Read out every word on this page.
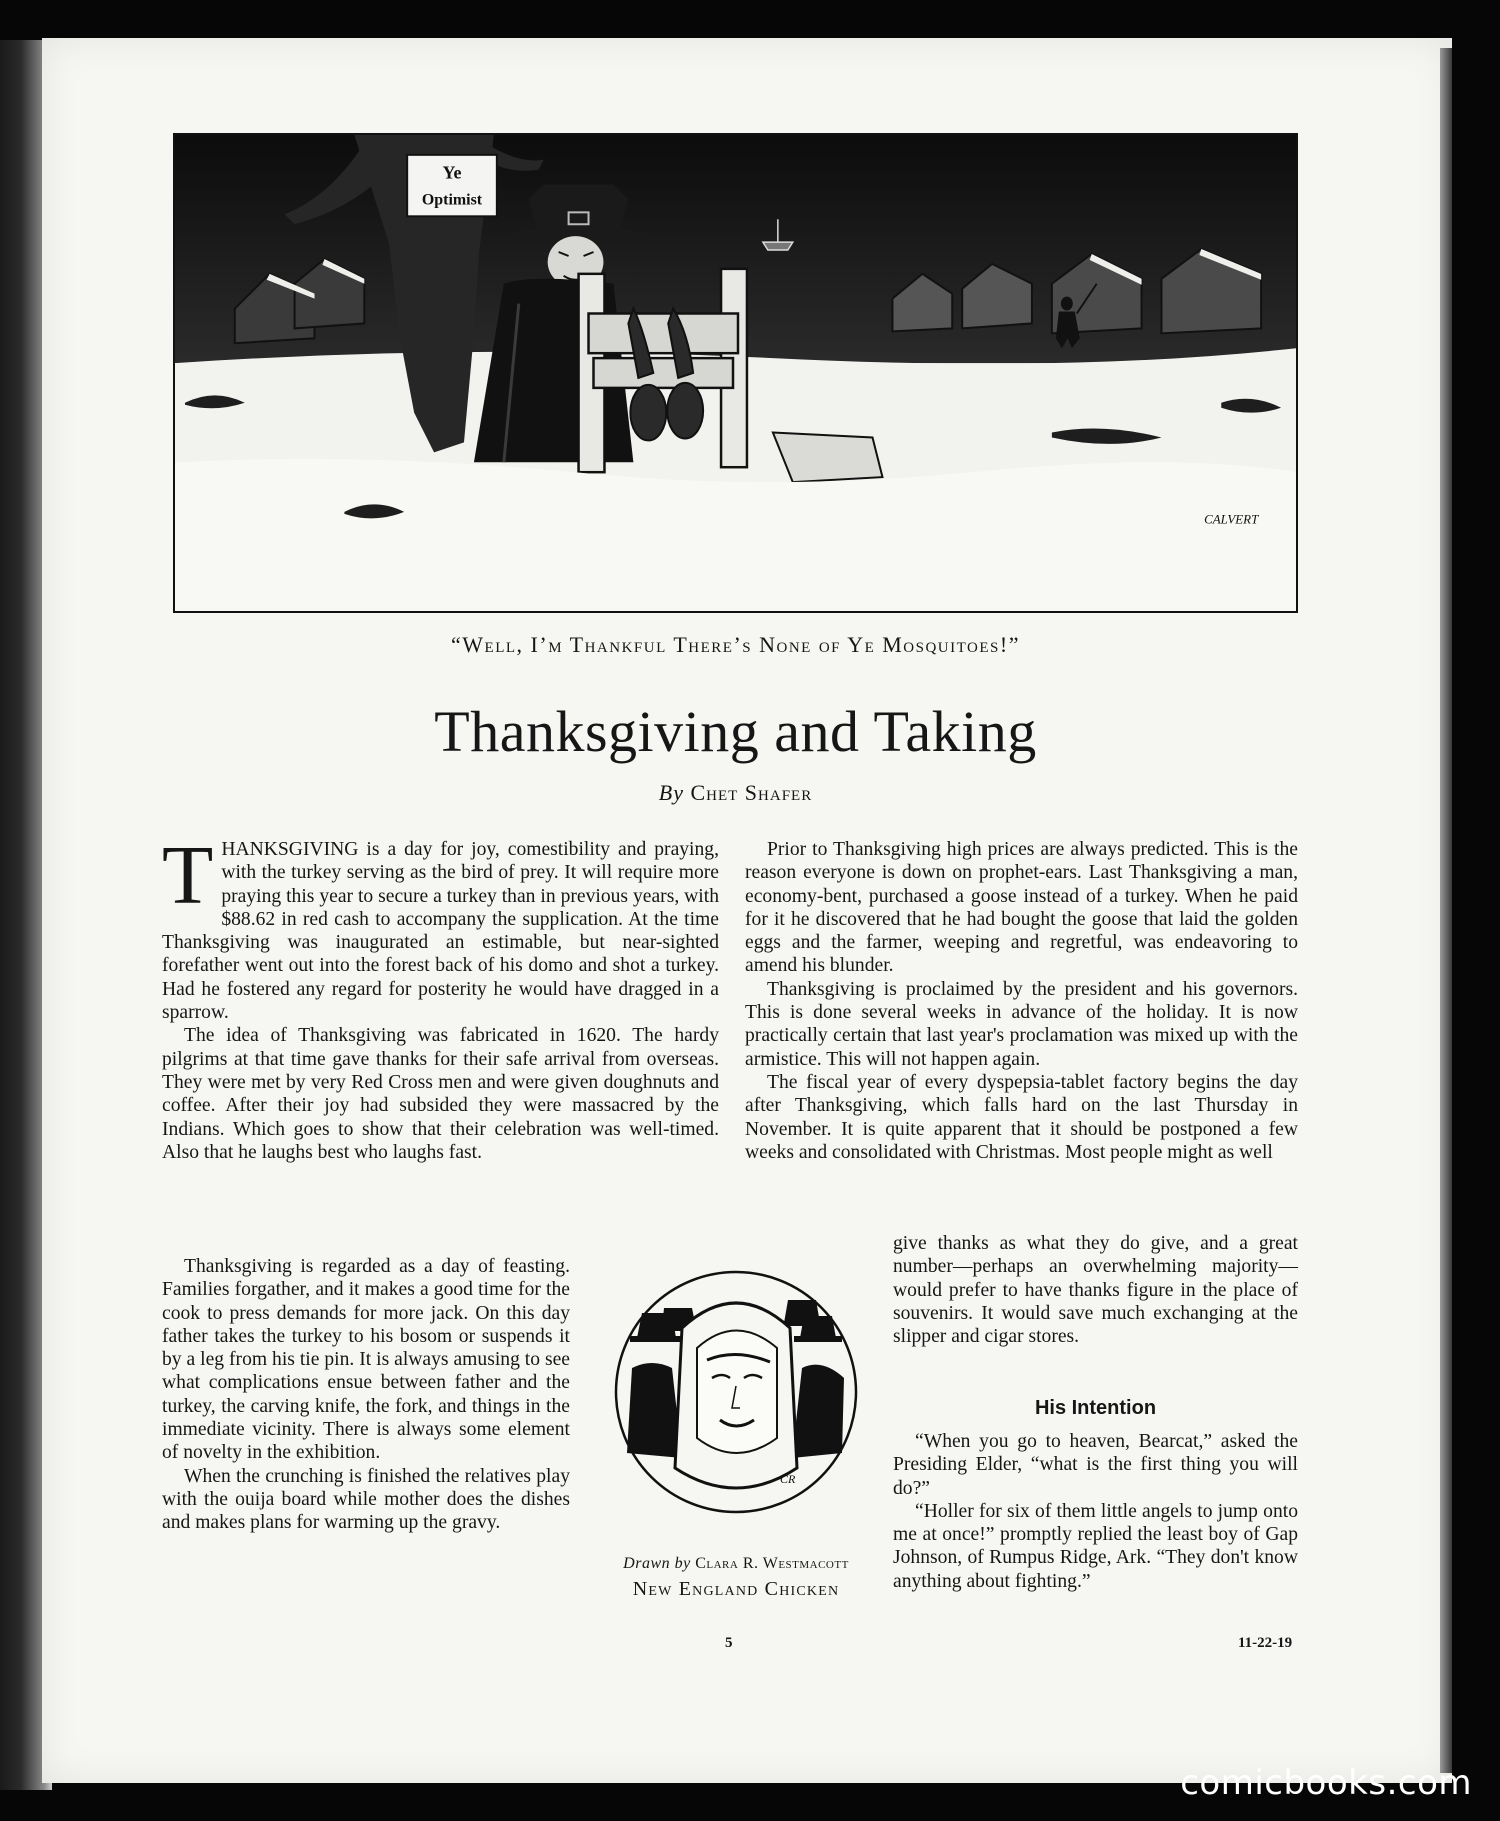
Ye
Optimist
CALVERT
“Well, I’m Thankful There’s None of Ye Mosquitoes!”
Thanksgiving and Taking
By Chet Shafer

THANKSGIVING is a day for joy, comestibility and praying, with the turkey serving as the bird of prey. It will require more praying this year to secure a turkey than in previous years, with $88.62 in red cash to accompany the supplication. At the time Thanksgiving was inaugurated an estimable, but near-sighted forefather went out into the forest back of his domo and shot a turkey. Had he fostered any regard for posterity he would have dragged in a sparrow.

The idea of Thanksgiving was fabricated in 1620. The hardy pilgrims at that time gave thanks for their safe arrival from overseas. They were met by very Red Cross men and were given doughnuts and coffee. After their joy had subsided they were massacred by the Indians. Which goes to show that their celebration was well-timed. Also that he laughs best who laughs fast.

Thanksgiving is regarded as a day of feasting. Families forgather, and it makes a good time for the cook to press demands for more jack. On this day father takes the turkey to his bosom or suspends it by a leg from his tie pin. It is always amusing to see what complications ensue between father and the turkey, the carving knife, the fork, and things in the immediate vicinity. There is always some element of novelty in the exhibition.

When the crunching is finished the relatives play with the ouija board while mother does the dishes and makes plans for warming up the gravy.

Prior to Thanksgiving high prices are always predicted. This is the reason everyone is down on prophet-ears. Last Thanksgiving a man, economy-bent, purchased a goose instead of a turkey. When he paid for it he discovered that he had bought the goose that laid the golden eggs and the farmer, weeping and regretful, was endeavoring to amend his blunder.

Thanksgiving is proclaimed by the president and his governors. This is done several weeks in advance of the holiday. It is now practically certain that last year's proclamation was mixed up with the armistice. This will not happen again.

The fiscal year of every dyspepsia-tablet factory begins the day after Thanksgiving, which falls hard on the last Thursday in November. It is quite apparent that it should be postponed a few weeks and consolidated with Christmas. Most people might as well

give thanks as what they do give, and a great number—perhaps an overwhelming majority—would prefer to have thanks figure in the place of souvenirs. It would save much exchanging at the slipper and cigar stores.

His Intention

“When you go to heaven, Bearcat,” asked the Presiding Elder, “what is the first thing you will do?”

“Holler for six of them little angels to jump onto me at once!” promptly replied the least boy of Gap Johnson, of Rumpus Ridge, Ark. “They don't know anything about fighting.”

CR
Drawn by Clara R. Westmacott
New England Chicken
5	11-22-19
comicbooks.com
